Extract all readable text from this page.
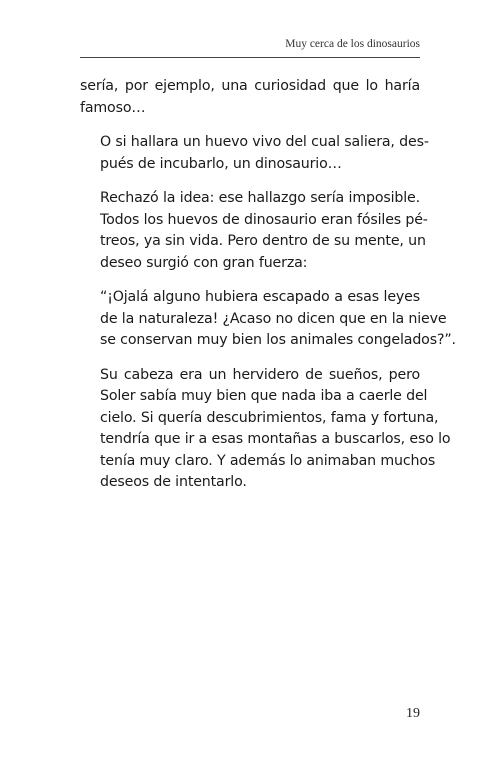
Muy cerca de los dinosaurios

sería, por ejemplo, una curiosidad que lo haría
famoso…

O si hallara un huevo vivo del cual saliera, des-
pués de incubarlo, un dinosaurio…

Rechazó la idea: ese hallazgo sería imposible.
Todos los huevos de dinosaurio eran fósiles pé-
treos, ya sin vida. Pero dentro de su mente, un
deseo surgió con gran fuerza:

“¡Ojalá alguno hubiera escapado a esas leyes
de la naturaleza! ¿Acaso no dicen que en la nieve
se conservan muy bien los animales congelados?”.

Su cabeza era un hervidero de sueños, pero
Soler sabía muy bien que nada iba a caerle del
cielo. Si quería descubrimientos, fama y fortuna,
tendría que ir a esas montañas a buscarlos, eso lo
tenía muy claro. Y además lo animaban muchos
deseos de intentarlo.

19
